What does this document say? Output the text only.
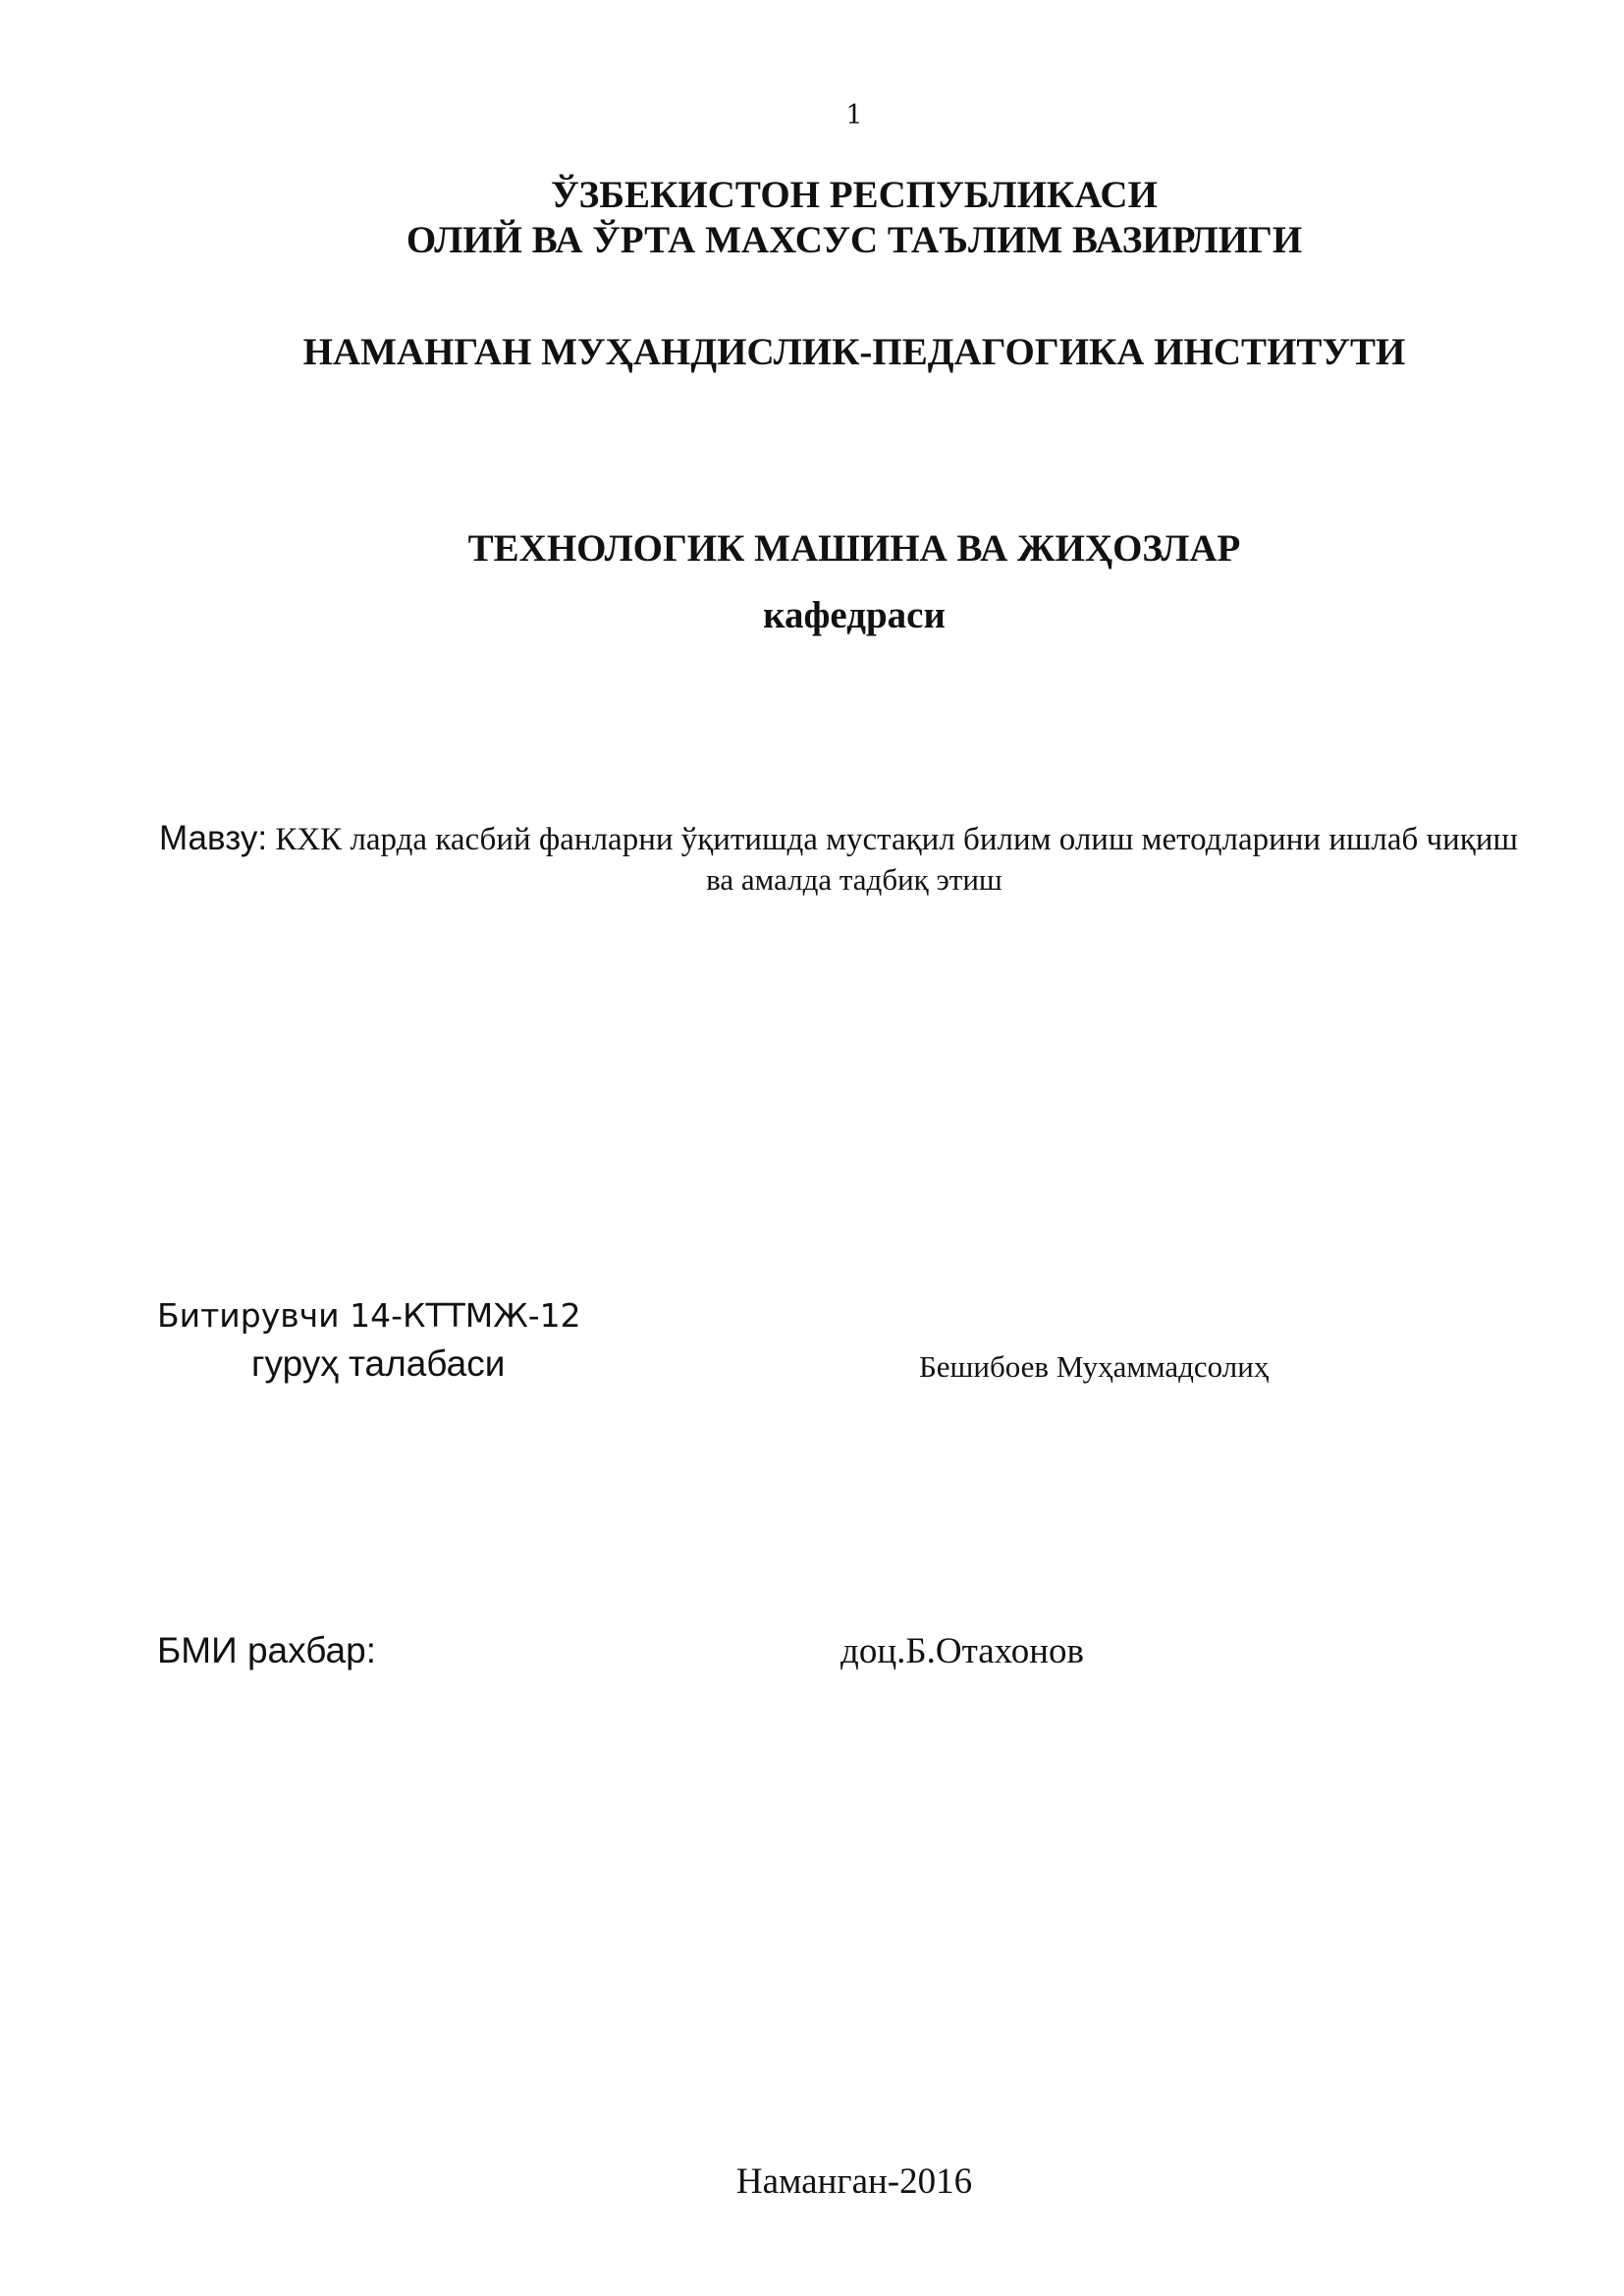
1
ЎЗБЕКИСТОН РЕСПУБЛИКАСИ
ОЛИЙ ВА ЎРТА МАХСУС ТАЪЛИМ ВАЗИРЛИГИ
НАМАНГАН МУҲАНДИСЛИК-ПЕДАГОГИКА ИНСТИТУТИ
ТЕХНОЛОГИК МАШИНА ВА ЖИҲОЗЛАР
кафедраси
Мавзу: КХК ларда касбий фанларни ўқитишда мустақил билим олиш методларини ишлаб чиқиш
ва амалда тадбиқ этиш
Битирувчи 14-КТТМЖ-12
гуруҳ талабаси	Бешибоев Муҳаммадсолиҳ
БМИ рахбар:	доц.Б.Отахонов
Наманган-2016
